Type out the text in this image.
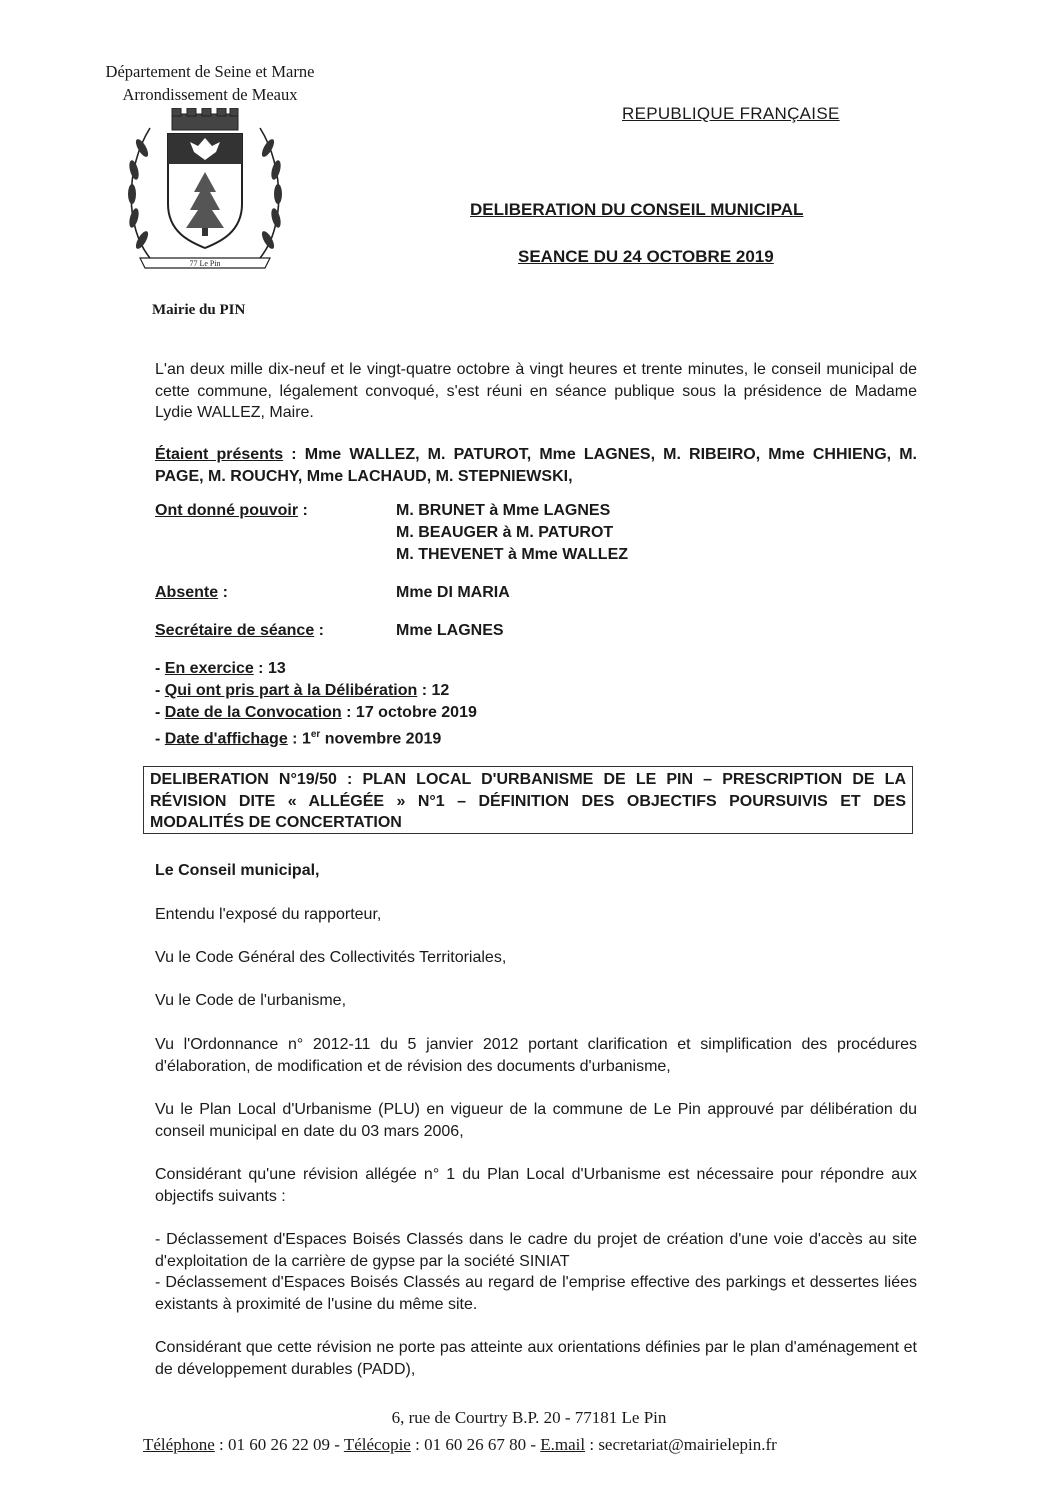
Département de Seine et Marne
Arrondissement de Meaux
77 Le Pin
Mairie du PIN
REPUBLIQUE FRANÇAISE
DELIBERATION DU CONSEIL MUNICIPAL
SEANCE DU 24 OCTOBRE 2019
L'an deux mille dix-neuf et le vingt-quatre octobre à vingt heures et trente minutes, le conseil municipal de cette commune, légalement convoqué, s'est réuni en séance publique sous la présidence de Madame Lydie WALLEZ, Maire.
Étaient présents : Mme WALLEZ, M. PATUROT, Mme LAGNES, M. RIBEIRO, Mme CHHIENG, M. PAGE, M. ROUCHY, Mme LACHAUD, M. STEPNIEWSKI,
Ont donné pouvoir :	M. BRUNET à Mme LAGNES
M. BEAUGER à M. PATUROT
M. THEVENET à Mme WALLEZ
Absente :	Mme DI MARIA
Secrétaire de séance :	Mme LAGNES
- En exercice : 13
- Qui ont pris part à la Délibération : 12
- Date de la Convocation : 17 octobre 2019
- Date d'affichage : 1er novembre 2019
DELIBERATION N°19/50 : PLAN LOCAL D'URBANISME DE LE PIN – PRESCRIPTION DE LA RÉVISION DITE « ALLÉGÉE » N°1 – DÉFINITION DES OBJECTIFS POURSUIVIS ET DES MODALITÉS DE CONCERTATION
Le Conseil municipal,
Entendu l'exposé du rapporteur,
Vu le Code Général des Collectivités Territoriales,
Vu le Code de l'urbanisme,
Vu l'Ordonnance n° 2012-11 du 5 janvier 2012 portant clarification et simplification des procédures d'élaboration, de modification et de révision des documents d'urbanisme,
Vu le Plan Local d'Urbanisme (PLU) en vigueur de la commune de Le Pin approuvé par délibération du conseil municipal en date du 03 mars 2006,
Considérant qu'une révision allégée n° 1 du Plan Local d'Urbanisme est nécessaire pour répondre aux objectifs suivants :
- Déclassement d'Espaces Boisés Classés dans le cadre du projet de création d'une voie d'accès au site d'exploitation de la carrière de gypse par la société SINIAT
- Déclassement d'Espaces Boisés Classés au regard de l'emprise effective des parkings et dessertes liées existants à proximité de l'usine du même site.
Considérant que cette révision ne porte pas atteinte aux orientations définies par le plan d'aménagement et de développement durables (PADD),
6, rue de Courtry B.P. 20 - 77181 Le Pin
Téléphone : 01 60 26 22 09 - Télécopie : 01 60 26 67 80 - E.mail : secretariat@mairielepin.fr
